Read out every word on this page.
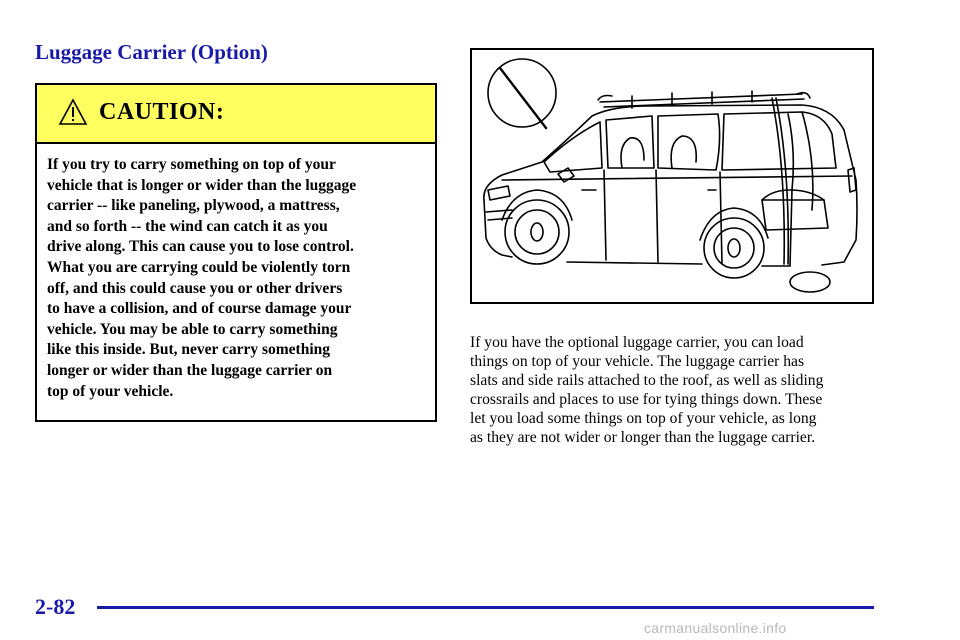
Luggage Carrier (Option)
CAUTION:
If you try to carry something on top of your
vehicle that is longer or wider than the luggage
carrier -- like paneling, plywood, a mattress,
and so forth -- the wind can catch it as you
drive along. This can cause you to lose control.
What you are carrying could be violently torn
off, and this could cause you or other drivers
to have a collision, and of course damage your
vehicle. You may be able to carry something
like this inside. But, never carry something
longer or wider than the luggage carrier on
top of your vehicle.
If you have the optional luggage carrier, you can load
things on top of your vehicle. The luggage carrier has
slats and side rails attached to the roof, as well as sliding
crossrails and places to use for tying things down. These
let you load some things on top of your vehicle, as long
as they are not wider or longer than the luggage carrier.
2-82
carmanualsonline.info
